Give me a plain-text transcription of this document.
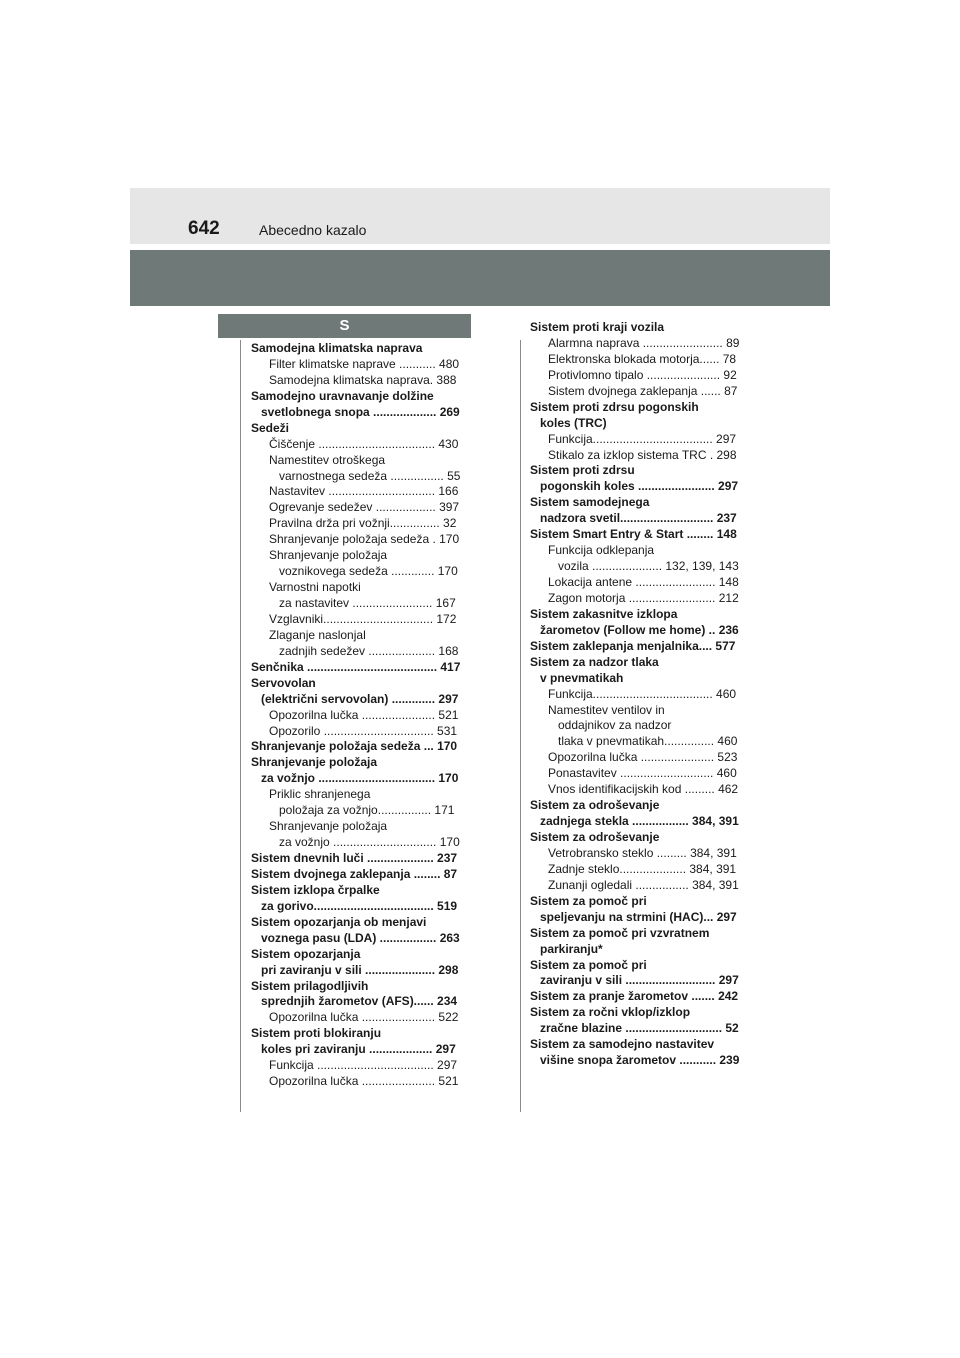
642	Abecedno kazalo
S
Samodejna klimatska naprava
Filter klimatske naprave ........... 480
Samodejna klimatska naprava. 388
Samodejno uravnavanje dolžine
svetlobnega snopa ................... 269
Sedeži
Čiščenje ................................... 430
Namestitev otroškega
varnostnega sedeža ................ 55
Nastavitev ................................ 166
Ogrevanje sedežev .................. 397
Pravilna drža pri vožnji............... 32
Shranjevanje položaja sedeža . 170
Shranjevanje položaja
voznikovega sedeža ............. 170
Varnostni napotki
za nastavitev ........................ 167
Vzglavniki................................. 172
Zlaganje naslonjal
zadnjih sedežev .................... 168
Senčnika ....................................... 417
Servovolan
(električni servovolan) ............. 297
Opozorilna lučka ...................... 521
Opozorilo ................................. 531
Shranjevanje položaja sedeža ... 170
Shranjevanje položaja
za vožnjo ................................... 170
Priklic shranjenega
položaja za vožnjo................ 171
Shranjevanje položaja
za vožnjo ............................... 170
Sistem dnevnih luči .................... 237
Sistem dvojnega zaklepanja ........ 87
Sistem izklopa črpalke
za gorivo.................................... 519
Sistem opozarjanja ob menjavi
voznega pasu (LDA) ................. 263
Sistem opozarjanja
pri zaviranju v sili ..................... 298
Sistem prilagodljivih
sprednjih žarometov (AFS)...... 234
Opozorilna lučka ...................... 522
Sistem proti blokiranju
koles pri zaviranju ................... 297
Funkcija ................................... 297
Opozorilna lučka ...................... 521
Sistem proti kraji vozila
Alarmna naprava ........................ 89
Elektronska blokada motorja...... 78
Protivlomno tipalo ...................... 92
Sistem dvojnega zaklepanja ...... 87
Sistem proti zdrsu pogonskih
koles (TRC)
Funkcija.................................... 297
Stikalo za izklop sistema TRC . 298
Sistem proti zdrsu
pogonskih koles ....................... 297
Sistem samodejnega
nadzora svetil............................ 237
Sistem Smart Entry & Start ........ 148
Funkcija odklepanja
vozila ..................... 132, 139, 143
Lokacija antene ........................ 148
Zagon motorja .......................... 212
Sistem zakasnitve izklopa
žarometov (Follow me home) .. 236
Sistem zaklepanja menjalnika.... 577
Sistem za nadzor tlaka
v pnevmatikah
Funkcija.................................... 460
Namestitev ventilov in
oddajnikov za nadzor
tlaka v pnevmatikah............... 460
Opozorilna lučka ...................... 523
Ponastavitev ............................ 460
Vnos identifikacijskih kod ......... 462
Sistem za odroševanje
zadnjega stekla ................. 384, 391
Sistem za odroševanje
Vetrobransko steklo ......... 384, 391
Zadnje steklo.................... 384, 391
Zunanji ogledali ................ 384, 391
Sistem za pomoč pri
speljevanju na strmini (HAC)... 297
Sistem za pomoč pri vzvratnem
parkiranju*
Sistem za pomoč pri
zaviranju v sili ........................... 297
Sistem za pranje žarometov ....... 242
Sistem za ročni vklop/izklop
zračne blazine ............................. 52
Sistem za samodejno nastavitev
višine snopa žarometov ........... 239
